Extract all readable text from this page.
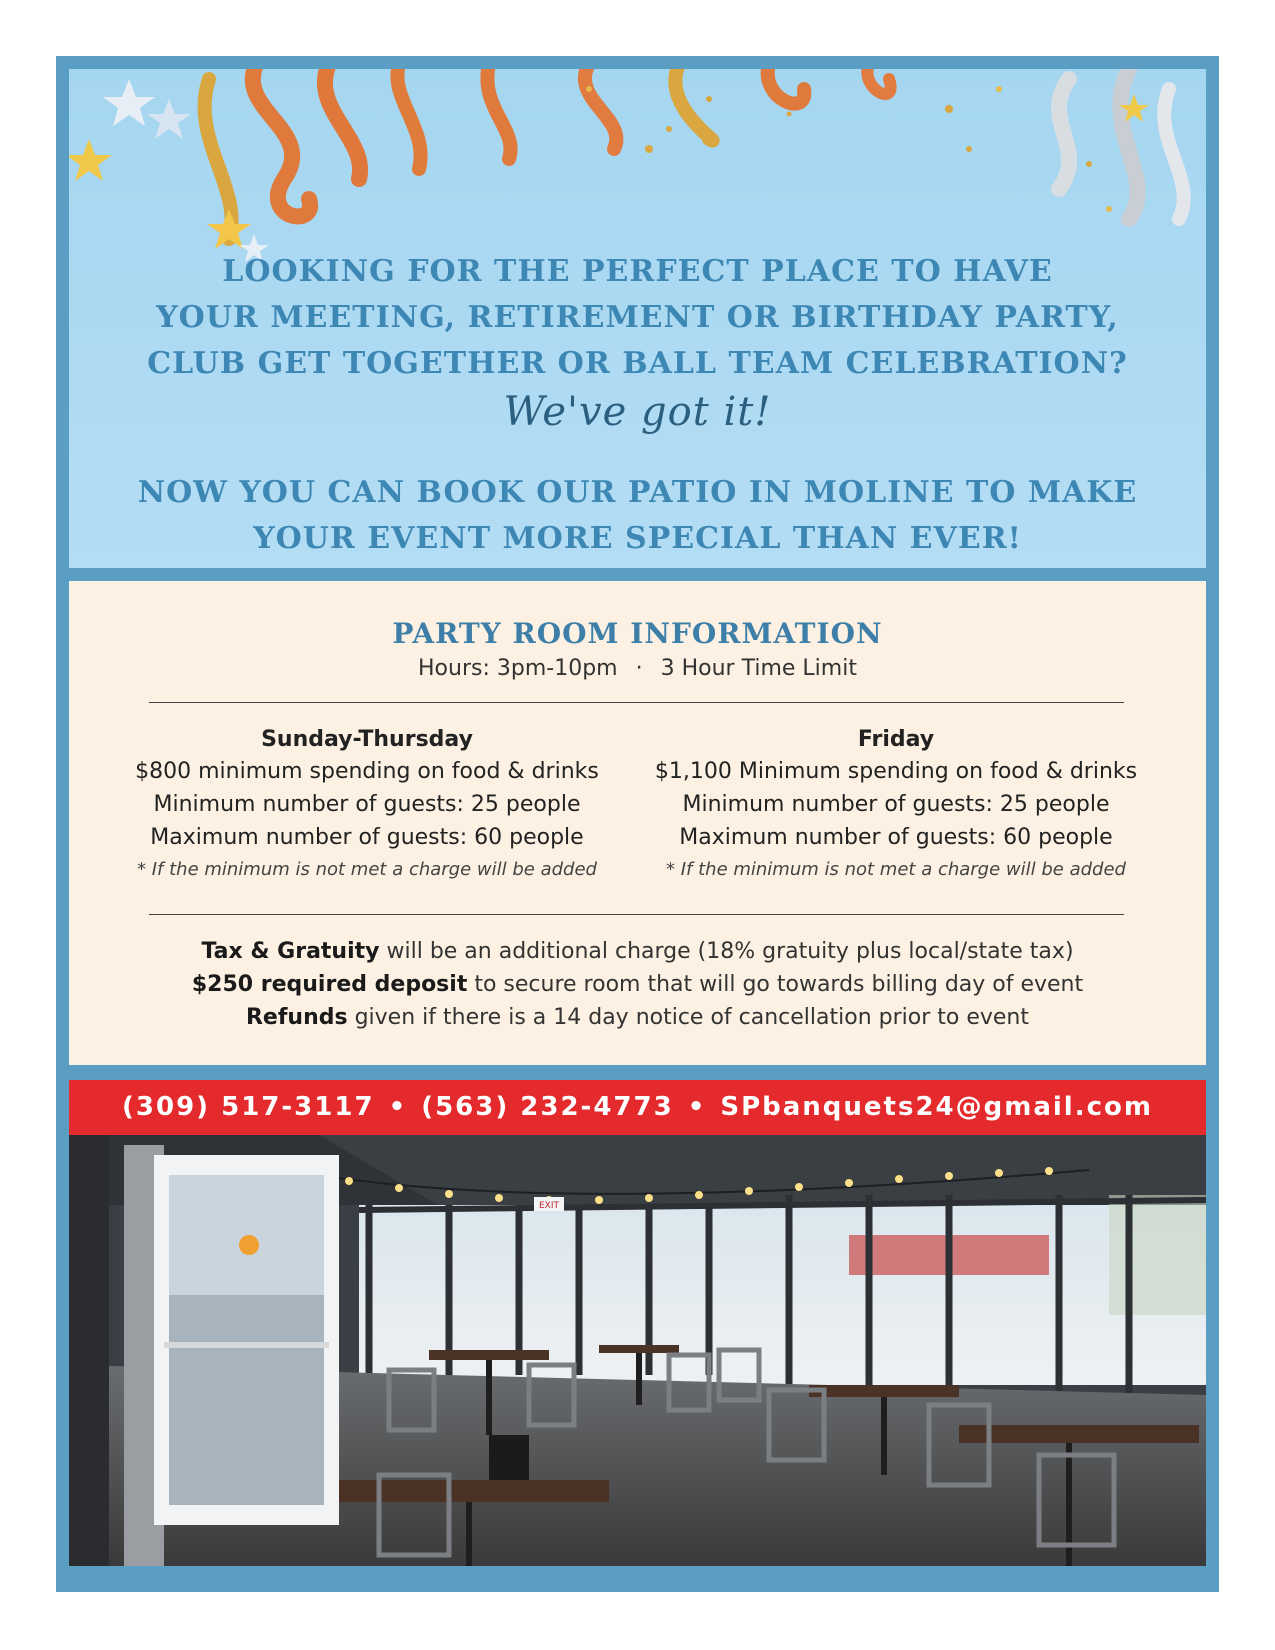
LOOKING FOR THE PERFECT PLACE TO HAVE
YOUR MEETING, RETIREMENT OR BIRTHDAY PARTY,
CLUB GET TOGETHER OR BALL TEAM CELEBRATION?
We've got it!
NOW YOU CAN BOOK OUR PATIO IN MOLINE TO MAKE
YOUR EVENT MORE SPECIAL THAN EVER!
PARTY ROOM INFORMATION
Hours: 3pm-10pm · 3 Hour Time Limit
Sunday-Thursday
$800 minimum spending on food & drinks
Minimum number of guests: 25 people
Maximum number of guests: 60 people
* If the minimum is not met a charge will be added
Friday
$1,100 Minimum spending on food & drinks
Minimum number of guests: 25 people
Maximum number of guests: 60 people
* If the minimum is not met a charge will be added
Tax & Gratuity will be an additional charge (18% gratuity plus local/state tax)
$250 required deposit to secure room that will go towards billing day of event
Refunds given if there is a 14 day notice of cancellation prior to event
(309) 517-3117 • (563) 232-4773 • SPbanquets24@gmail.com
EXIT
